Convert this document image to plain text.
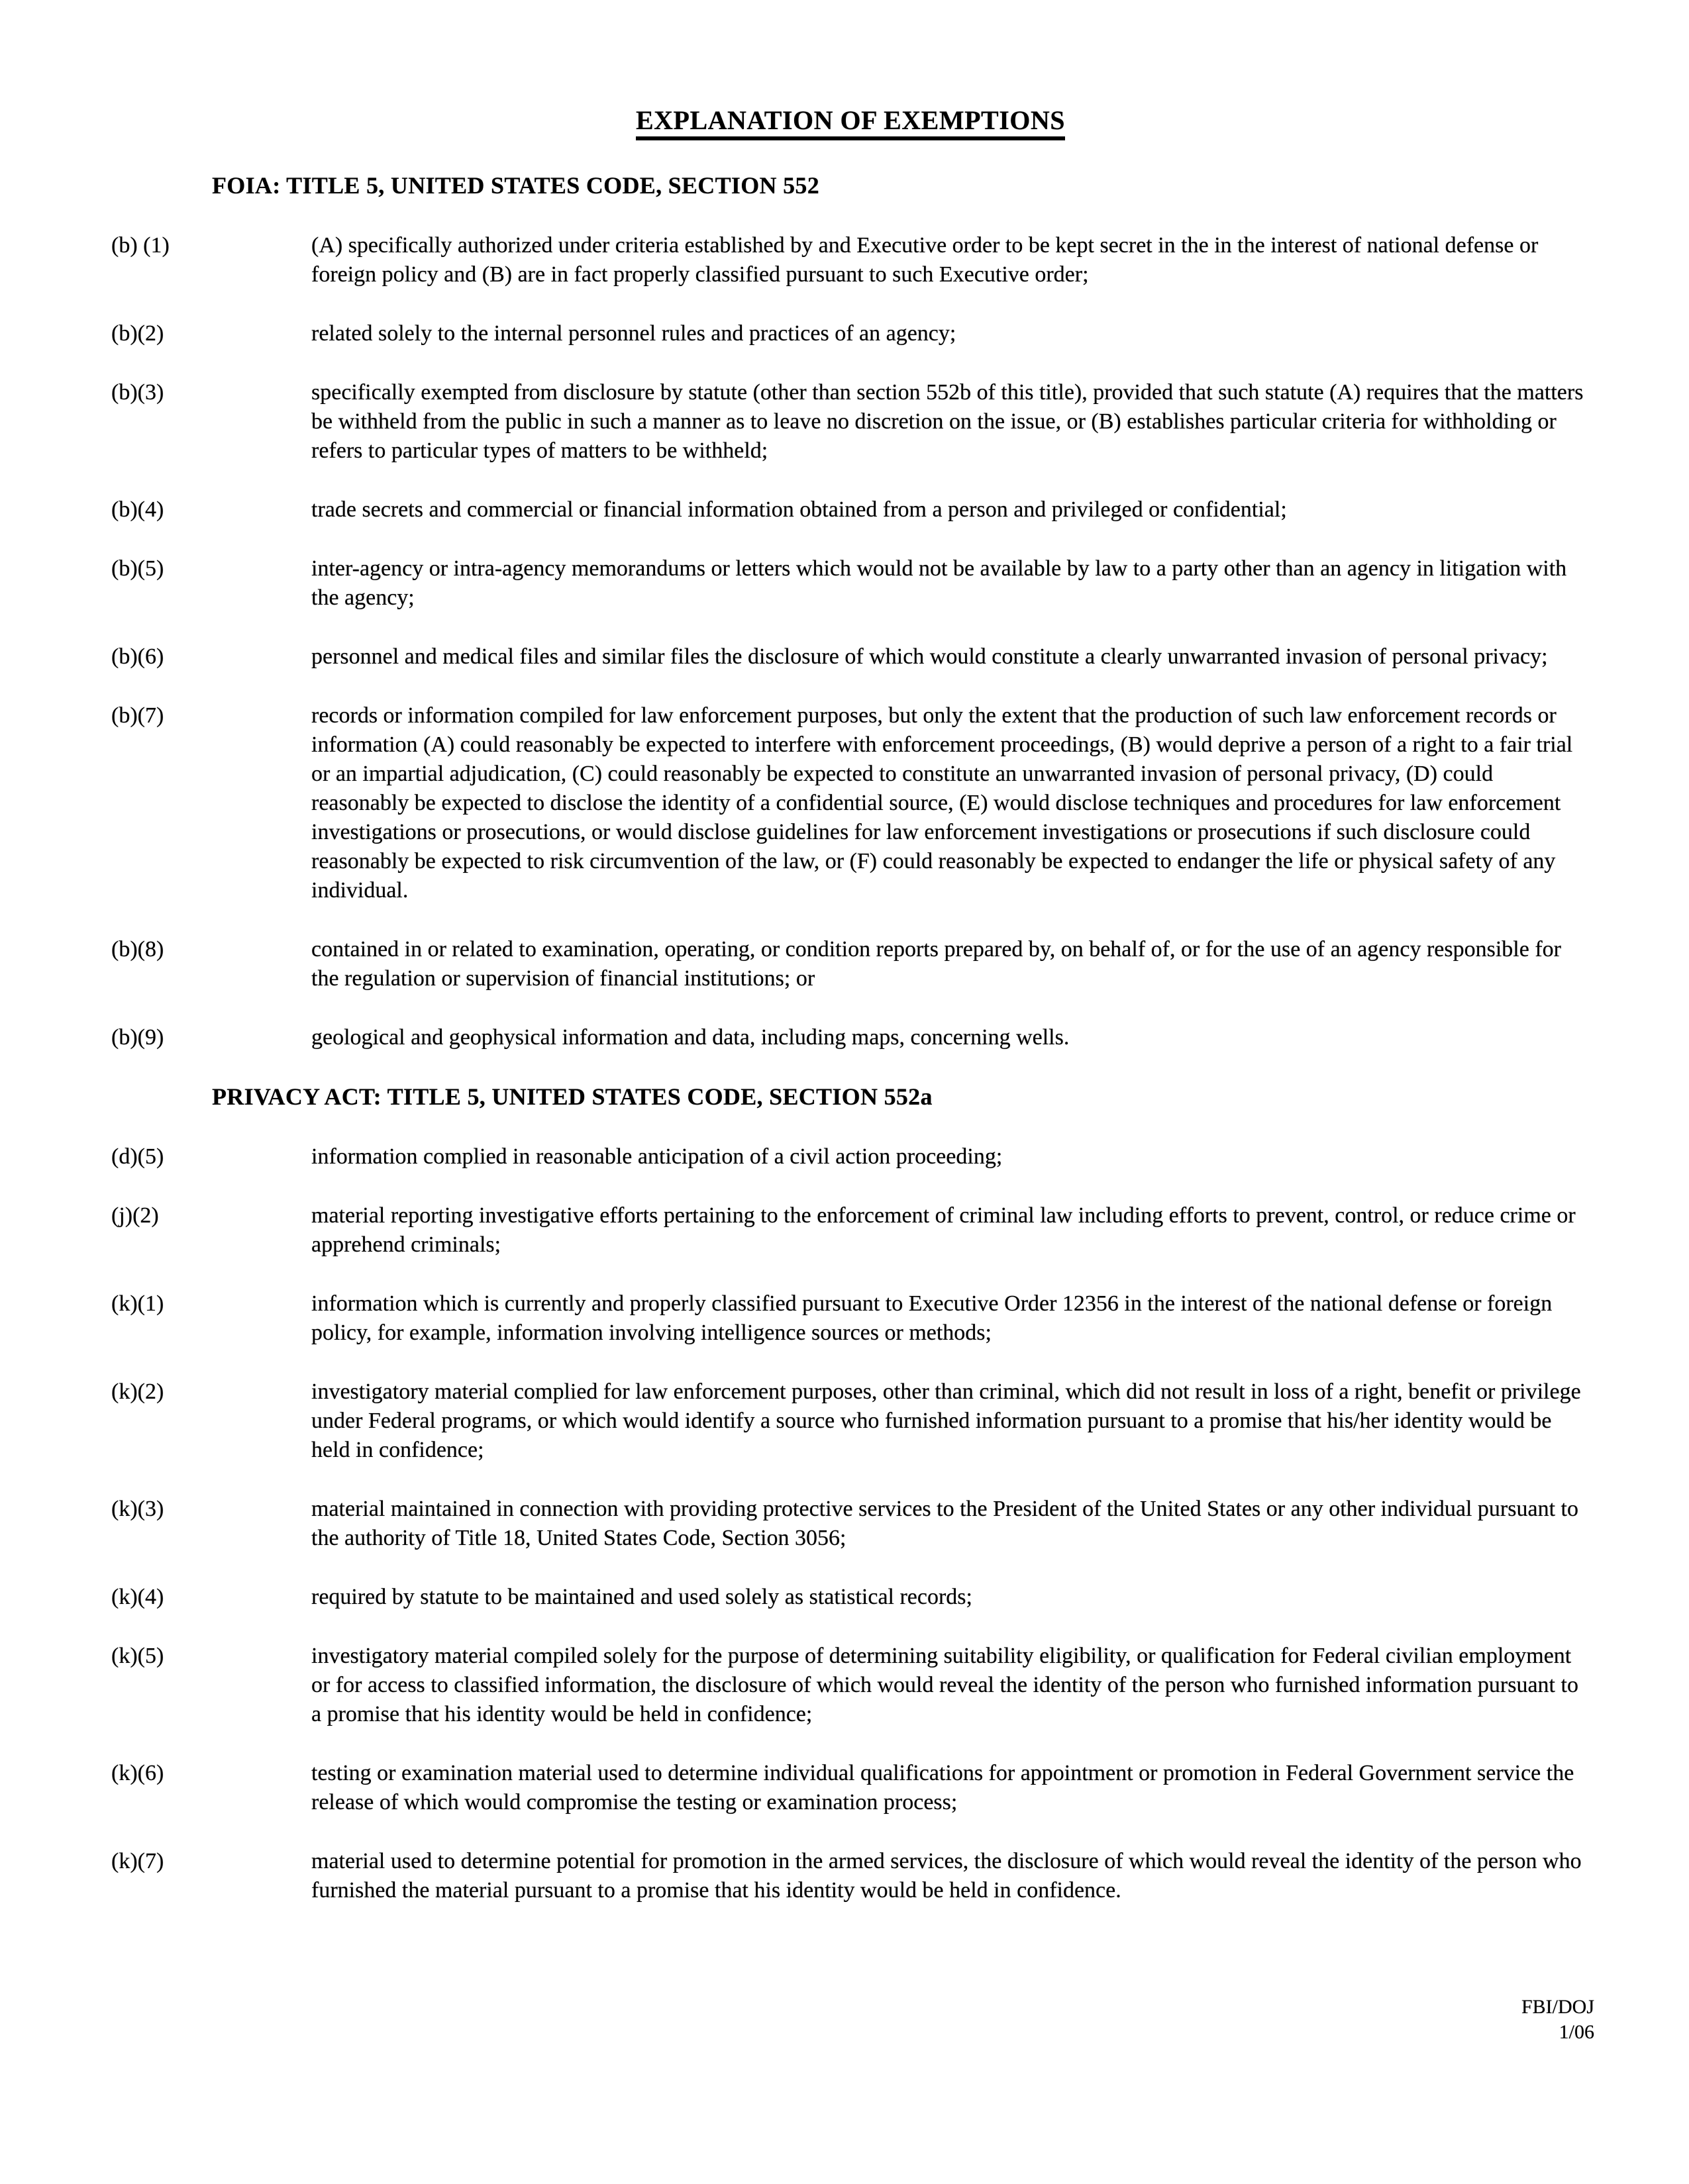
EXPLANATION OF EXEMPTIONS
FOIA: TITLE 5, UNITED STATES CODE, SECTION 552
(b) (1)	(A) specifically authorized under criteria established by and Executive order to be kept secret in the in the interest of national defense or foreign policy and (B) are in fact properly classified pursuant to such Executive order;
(b)(2)	related solely to the internal personnel rules and practices of an agency;
(b)(3)	specifically exempted from disclosure by statute (other than section 552b of this title), provided that such statute (A) requires that the matters be withheld from the public in such a manner as to leave no discretion on the issue, or (B) establishes particular criteria for withholding or refers to particular types of matters to be withheld;
(b)(4)	trade secrets and commercial or financial information obtained from a person and privileged or confidential;
(b)(5)	inter-agency or intra-agency memorandums or letters which would not be available by law to a party other than an agency in litigation with the agency;
(b)(6)	personnel and medical files and similar files the disclosure of which would constitute a clearly unwarranted invasion of personal privacy;
(b)(7)	records or information compiled for law enforcement purposes, but only the extent that the production of such law enforcement records or information (A) could reasonably be expected to interfere with enforcement proceedings, (B) would deprive a person of a right to a fair trial or an impartial adjudication, (C) could reasonably be expected to constitute an unwarranted invasion of personal privacy, (D) could reasonably be expected to disclose the identity of a confidential source, (E) would disclose techniques and procedures for law enforcement investigations or prosecutions, or would disclose guidelines for law enforcement investigations or prosecutions if such disclosure could reasonably be expected to risk circumvention of the law, or (F) could reasonably be expected to endanger the life or physical safety of any individual.
(b)(8)	contained in or related to examination, operating, or condition reports prepared by, on behalf of, or for the use of an agency responsible for the regulation or supervision of financial institutions; or
(b)(9)	geological and geophysical information and data, including maps, concerning wells.
PRIVACY ACT: TITLE 5, UNITED STATES CODE, SECTION 552a
(d)(5)	information complied in reasonable anticipation of a civil action proceeding;
(j)(2)	material reporting investigative efforts pertaining to the enforcement of criminal law including efforts to prevent, control, or reduce crime or apprehend criminals;
(k)(1)	information which is currently and properly classified pursuant to Executive Order 12356 in the interest of the national defense or foreign policy, for example, information involving intelligence sources or methods;
(k)(2)	investigatory material complied for law enforcement purposes, other than criminal, which did not result in loss of a right, benefit or privilege under Federal programs, or which would identify a source who furnished information pursuant to a promise that his/her identity would be held in confidence;
(k)(3)	material maintained in connection with providing protective services to the President of the United States or any other individual pursuant to the authority of Title 18, United States Code, Section 3056;
(k)(4)	required by statute to be maintained and used solely as statistical records;
(k)(5)	investigatory material compiled solely for the purpose of determining suitability eligibility, or qualification for Federal civilian employment or for access to classified information, the disclosure of which would reveal the identity of the person who furnished information pursuant to a promise that his identity would be held in confidence;
(k)(6)	testing or examination material used to determine individual qualifications for appointment or promotion in Federal Government service the release of which would compromise the testing or examination process;
(k)(7)	material used to determine potential for promotion in the armed services, the disclosure of which would reveal the identity of the person who furnished the material pursuant to a promise that his identity would be held in confidence.
FBI/DOJ
1/06
